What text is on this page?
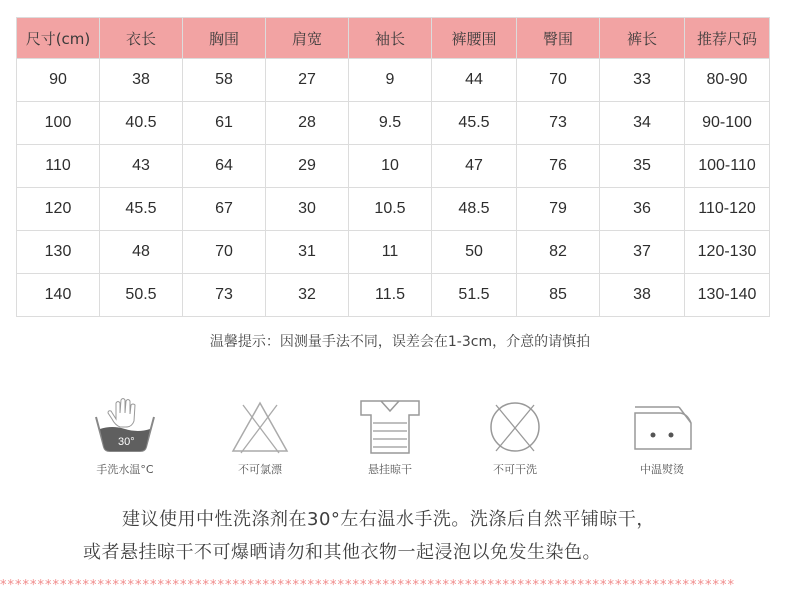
尺寸(cm)	衣长	胸围	肩宽	袖长	裤腰围	臀围	裤长	推荐尺码
90	38	58	27	9	44	70	33	80-90
100	40.5	61	28	9.5	45.5	73	34	90-100
110	43	64	29	10	47	76	35	100-110
120	45.5	67	30	10.5	48.5	79	36	110-120
130	48	70	31	11	50	82	37	120-130
140	50.5	73	32	11.5	51.5	85	38	130-140
温馨提示：因测量手法不同，误差会在1-3cm，介意的请慎拍
30°
手洗水温°C	不可氯漂	悬挂晾干	不可干洗	中温熨烫
建议使用中性洗涤剂在30°左右温水手洗。洗涤后自然平铺晾干，
或者悬挂晾干不可爆晒请勿和其他衣物一起浸泡以免发生染色。
**************************************************************************************************
